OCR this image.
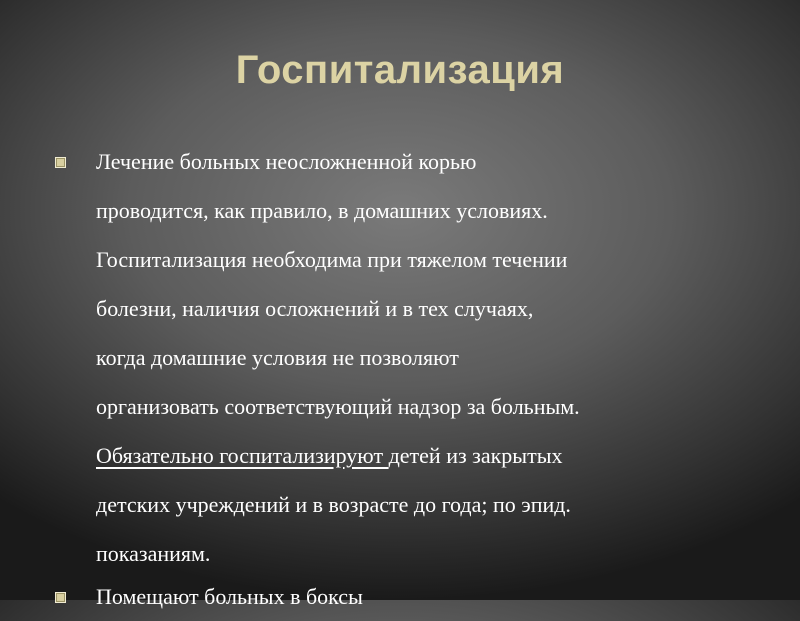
Госпитализация
Лечение больных неосложненной корью
проводится, как правило, в домашних условиях.
Госпитализация необходима при тяжелом течении
болезни, наличия осложнений и в тех случаях,
когда домашние условия не позволяют
организовать соответствующий надзор за больным.
Обязательно госпитализируют детей из закрытых
детских учреждений и в возрасте до года; по эпид.
показаниям.
Помещают больных в боксы
